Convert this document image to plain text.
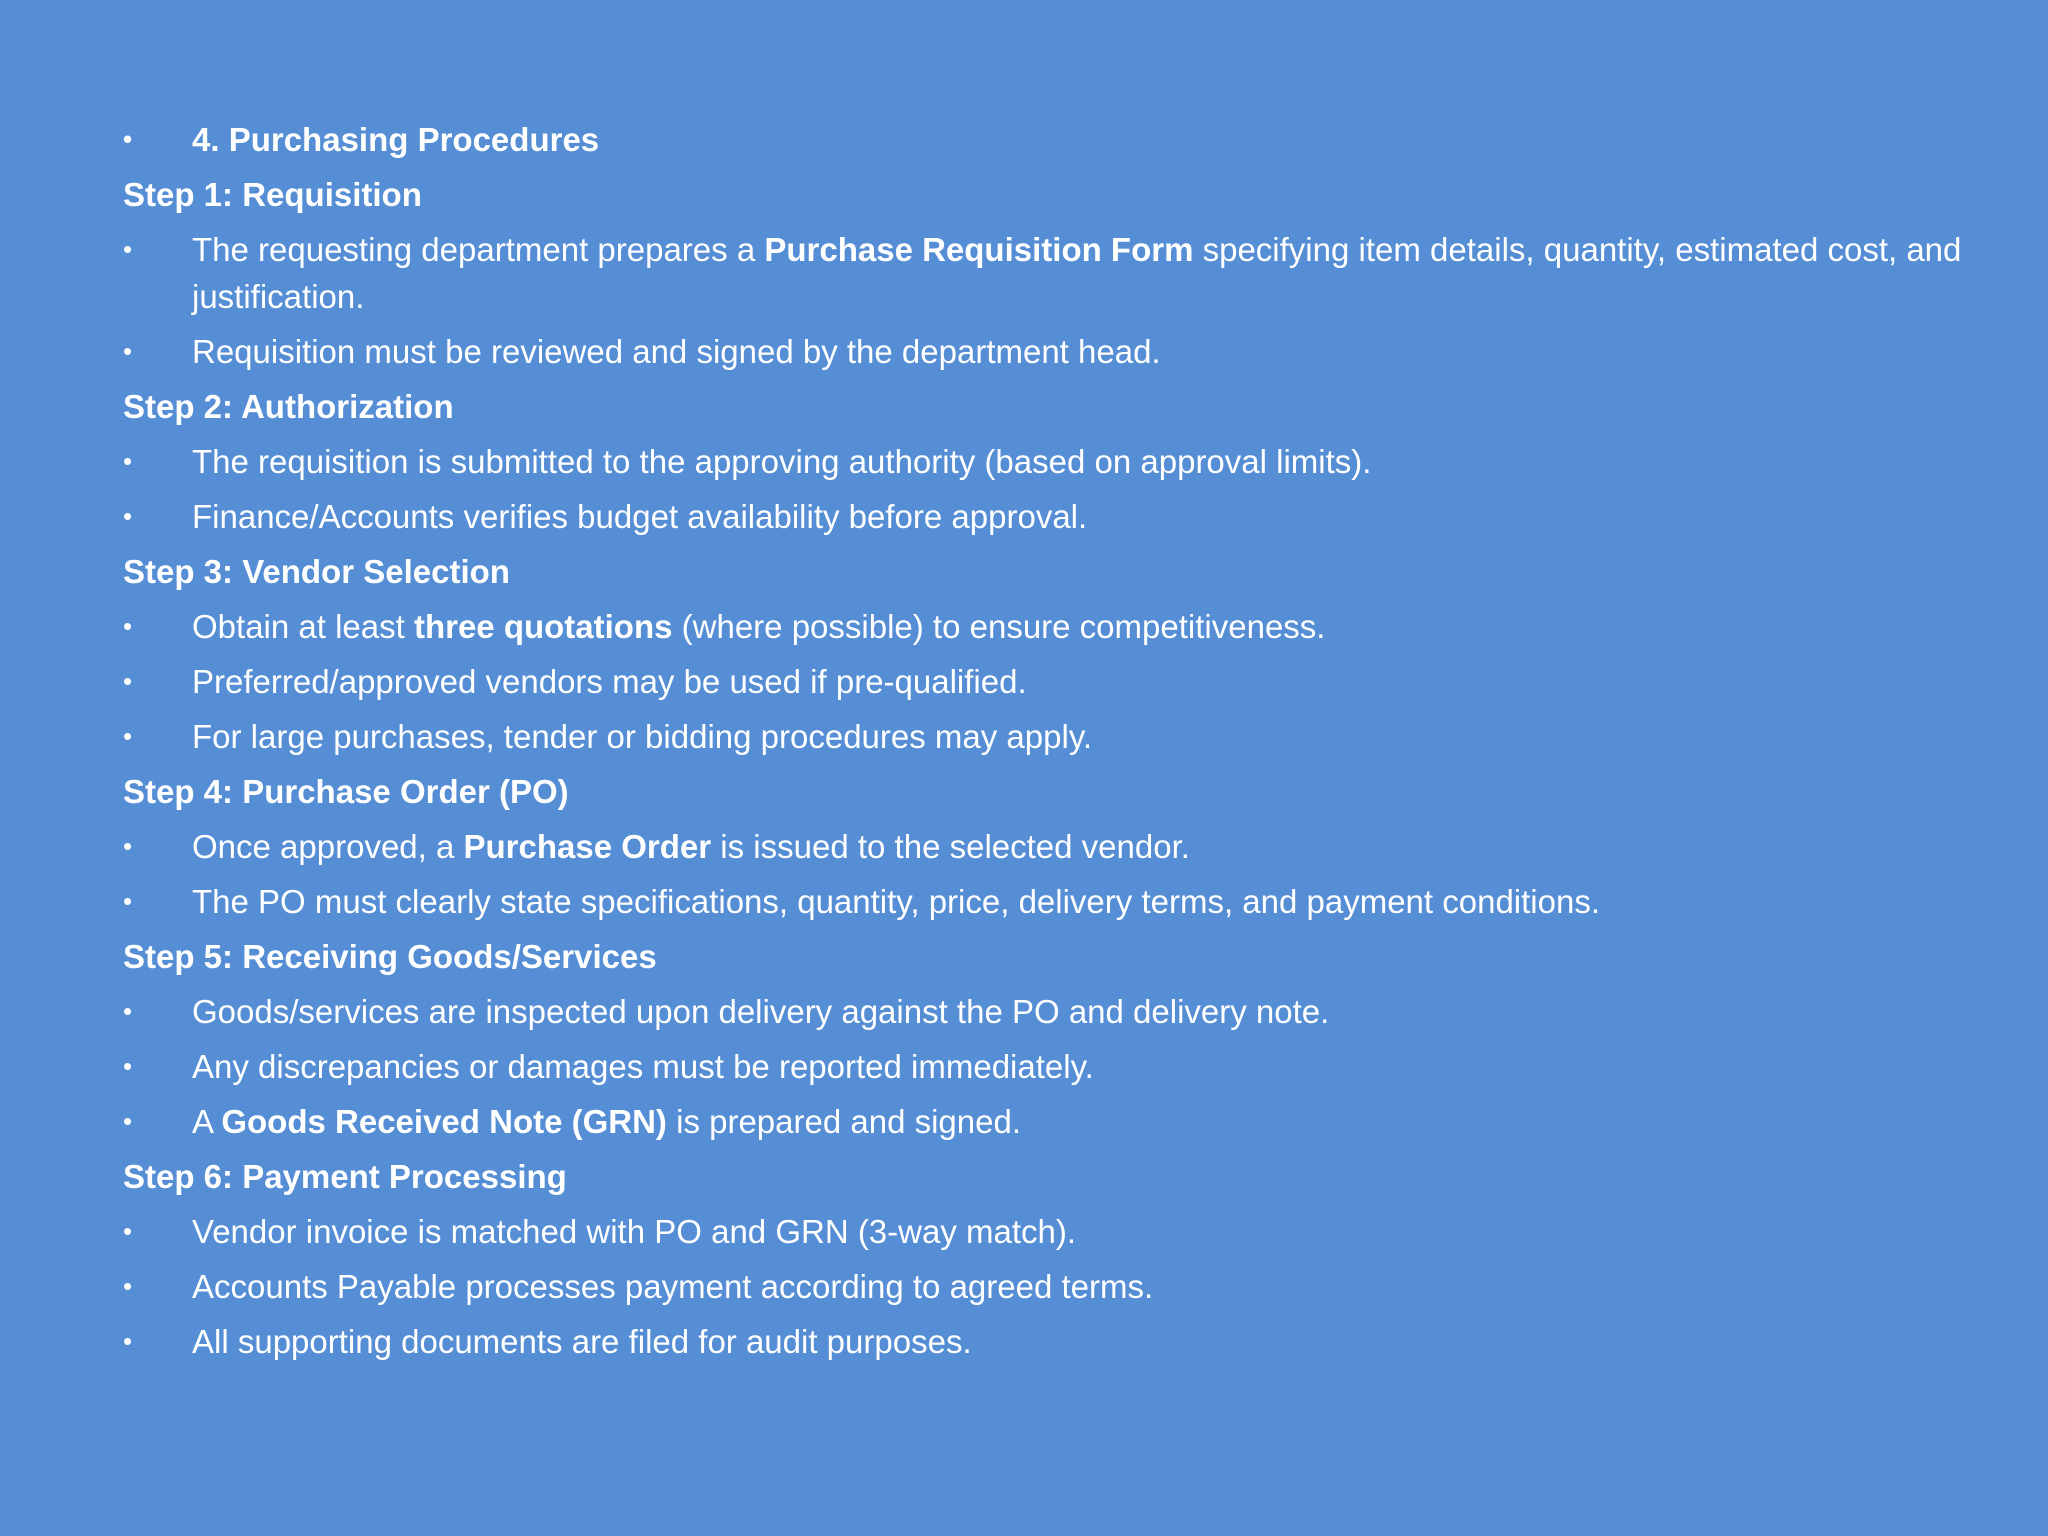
•	4. Purchasing Procedures
Step 1: Requisition
•	The requesting department prepares a Purchase Requisition Form specifying item details, quantity, estimated cost, and justification.
•	Requisition must be reviewed and signed by the department head.
Step 2: Authorization
•	The requisition is submitted to the approving authority (based on approval limits).
•	Finance/Accounts verifies budget availability before approval.
Step 3: Vendor Selection
•	Obtain at least three quotations (where possible) to ensure competitiveness.
•	Preferred/approved vendors may be used if pre-qualified.
•	For large purchases, tender or bidding procedures may apply.
Step 4: Purchase Order (PO)
•	Once approved, a Purchase Order is issued to the selected vendor.
•	The PO must clearly state specifications, quantity, price, delivery terms, and payment conditions.
Step 5: Receiving Goods/Services
•	Goods/services are inspected upon delivery against the PO and delivery note.
•	Any discrepancies or damages must be reported immediately.
•	A Goods Received Note (GRN) is prepared and signed.
Step 6: Payment Processing
•	Vendor invoice is matched with PO and GRN (3-way match).
•	Accounts Payable processes payment according to agreed terms.
•	All supporting documents are filed for audit purposes.
